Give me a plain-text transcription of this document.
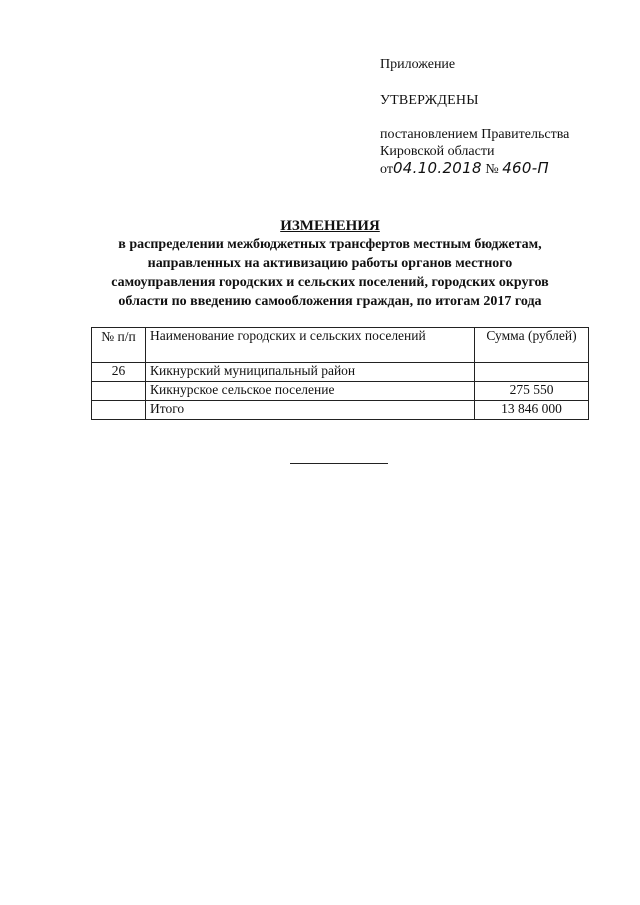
Приложение
УТВЕРЖДЕНЫ
постановлением Правительства
Кировской области
от04.10.2018 № 460-П
ИЗМЕНЕНИЯ
в распределении межбюджетных трансфертов местным бюджетам,
направленных на активизацию работы органов местного
самоуправления городских и сельских поселений, городских округов
области по введению самообложения граждан, по итогам 2017 года
№ п/п	Наименование городских и сельских поселений	Сумма (рублей)
26	Кикнурский муниципальный район	
	Кикнурское сельское поселение	275 550
	Итого	13 846 000
